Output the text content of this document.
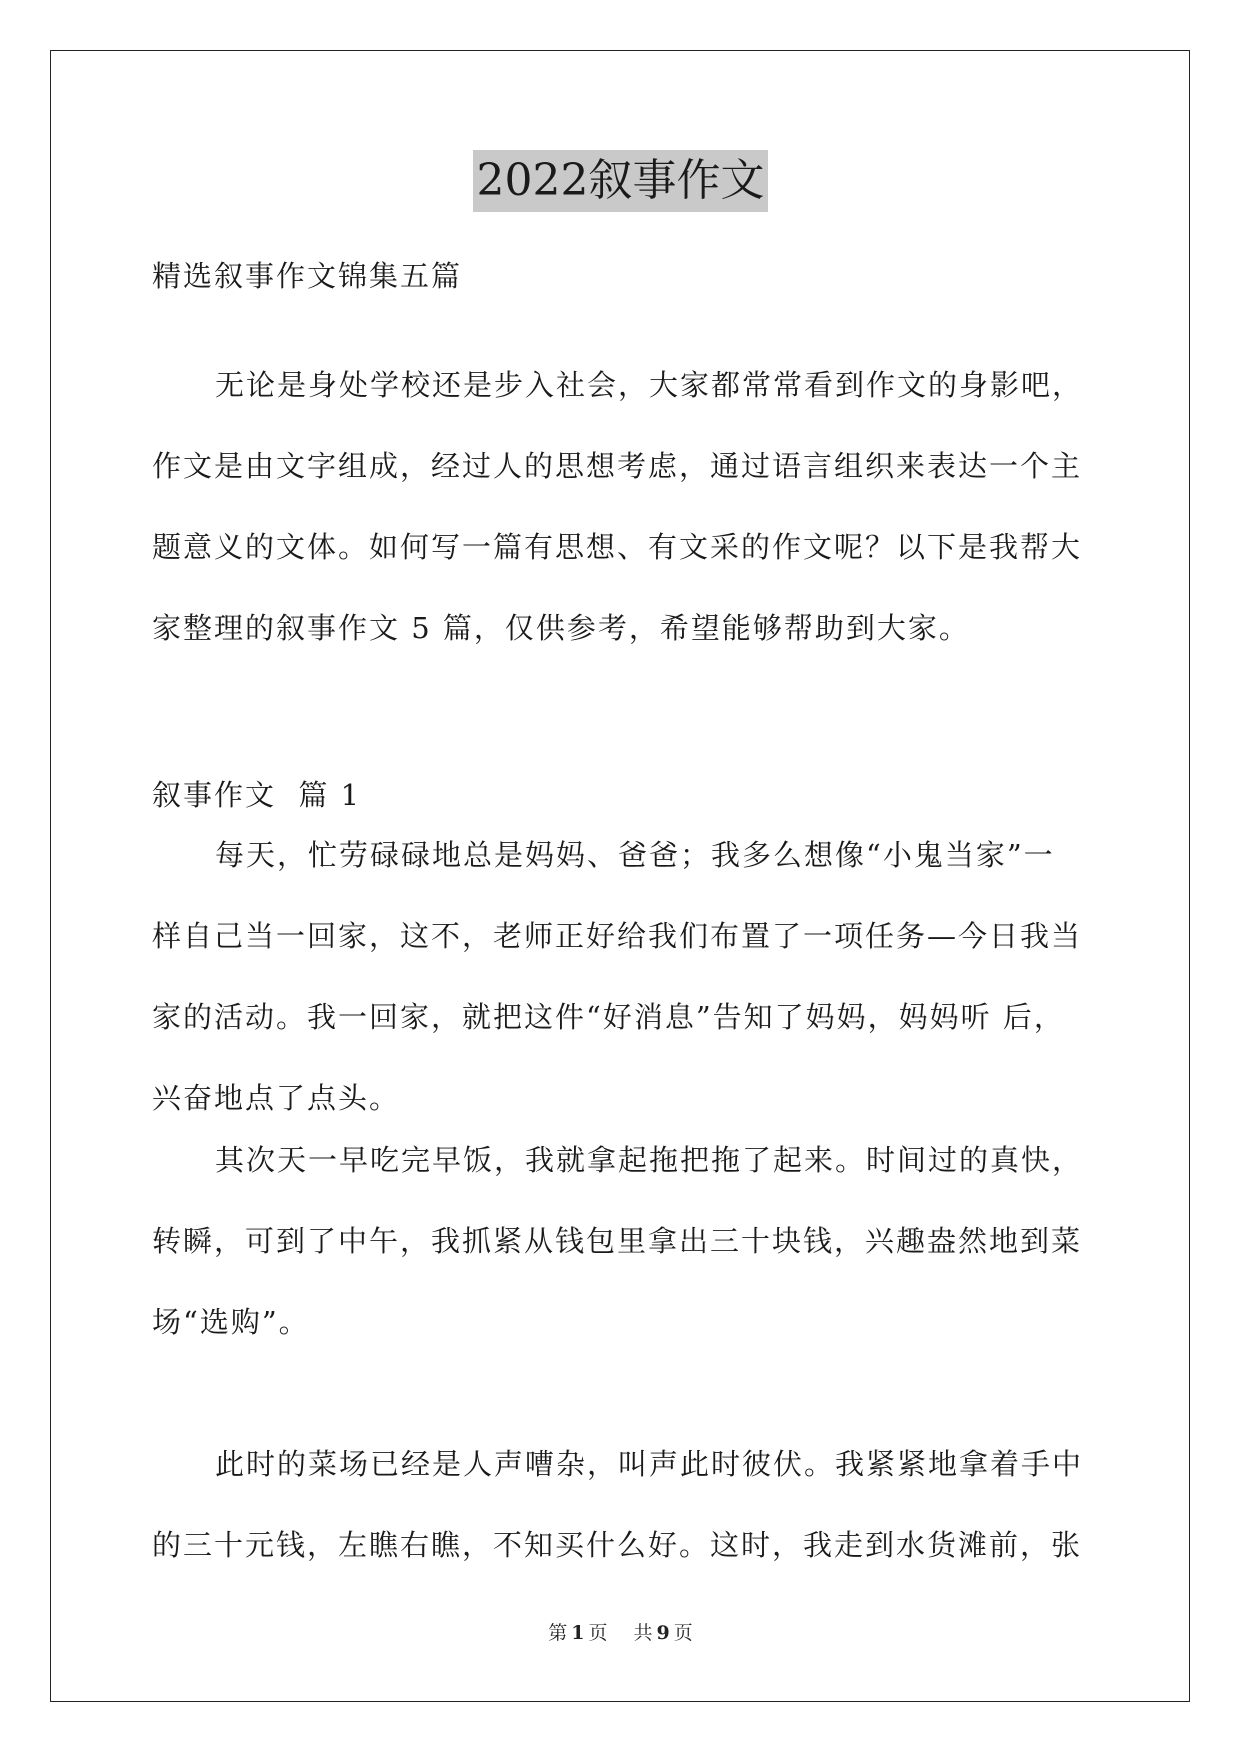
2022叙事作文
精选叙事作文锦集五篇
无论是身处学校还是步入社会，大家都常常看到作文的身影吧，
作文是由文字组成，经过人的思想考虑，通过语言组织来表达一个主
题意义的文体。如何写一篇有思想、有文采的作文呢？以下是我帮大
家整理的叙事作文 5 篇，仅供参考，希望能够帮助到大家。
叙事作文  篇 1
每天，忙劳碌碌地总是妈妈、爸爸；我多么想像“小鬼当家”一
样自己当一回家，这不，老师正好给我们布置了一项任务—今日我当
家的活动。我一回家，就把这件“好消息”告知了妈妈，妈妈听 后，
兴奋地点了点头。
其次天一早吃完早饭，我就拿起拖把拖了起来。时间过的真快，
转瞬，可到了中午，我抓紧从钱包里拿出三十块钱，兴趣盎然地到菜
场“选购”。
此时的菜场已经是人声嘈杂，叫声此时彼伏。我紧紧地拿着手中
的三十元钱，左瞧右瞧，不知买什么好。这时，我走到水货滩前，张
第 1 页 共 9 页
